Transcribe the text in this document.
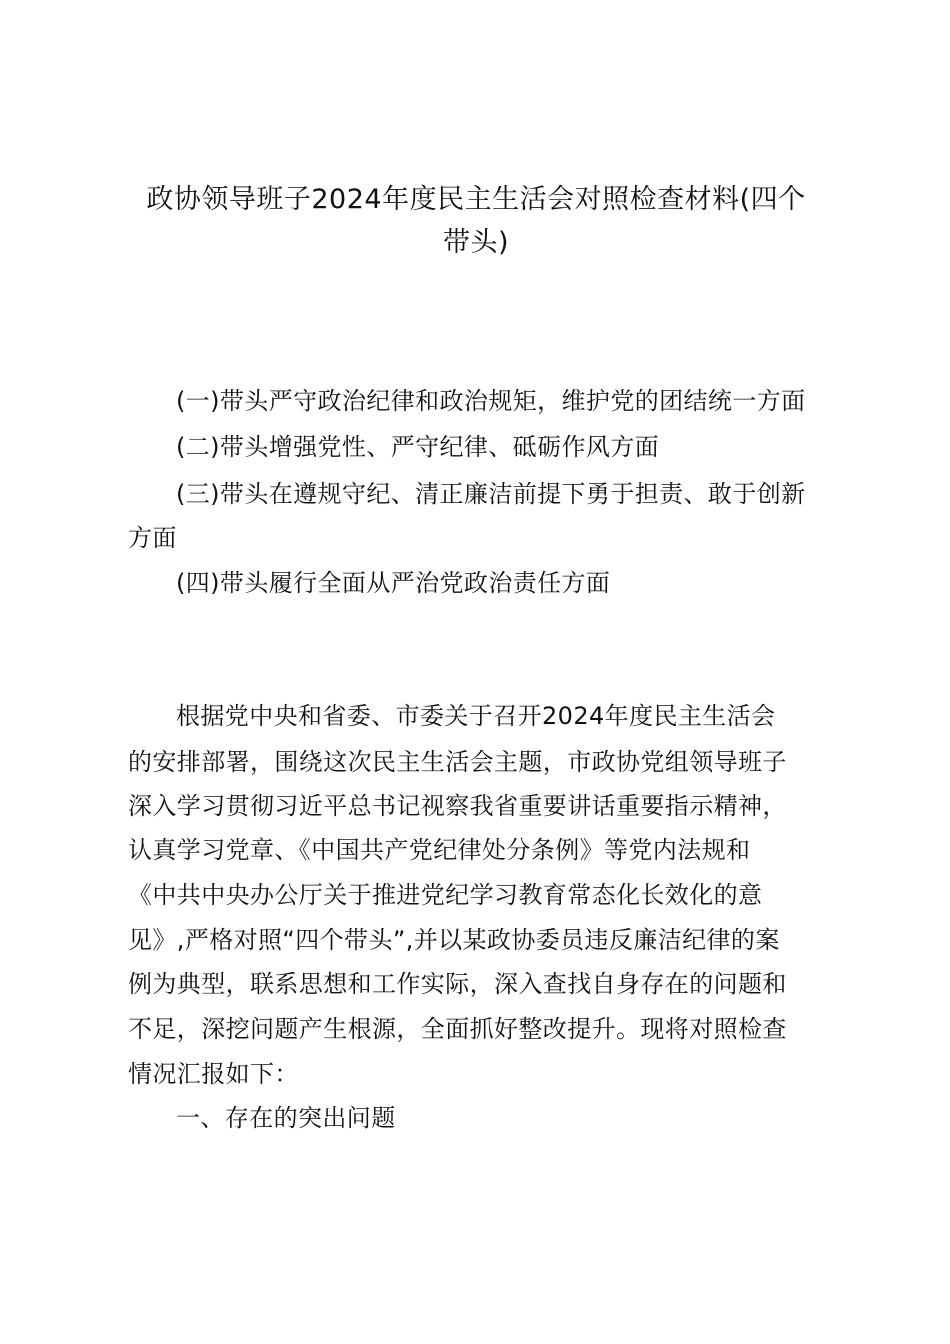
政协领导班子2024年度民主生活会对照检查材料(四个
带头)
(一)带头严守政治纪律和政治规矩，维护党的团结统一方面
(二)带头增强党性、严守纪律、砥砺作风方面
(三)带头在遵规守纪、清正廉洁前提下勇于担责、敢于创新
方面
(四)带头履行全面从严治党政治责任方面
根据党中央和省委、市委关于召开2024年度民主生活会
的安排部署，围绕这次民主生活会主题，市政协党组领导班子
深入学习贯彻习近平总书记视察我省重要讲话重要指示精神，
认真学习党章、《中国共产党纪律处分条例》等党内法规和
《中共中央办公厅关于推进党纪学习教育常态化长效化的意
见》,严格对照“四个带头”,并以某政协委员违反廉洁纪律的案
例为典型，联系思想和工作实际，深入查找自身存在的问题和
不足，深挖问题产生根源，全面抓好整改提升。现将对照检查
情况汇报如下：
一、存在的突出问题
